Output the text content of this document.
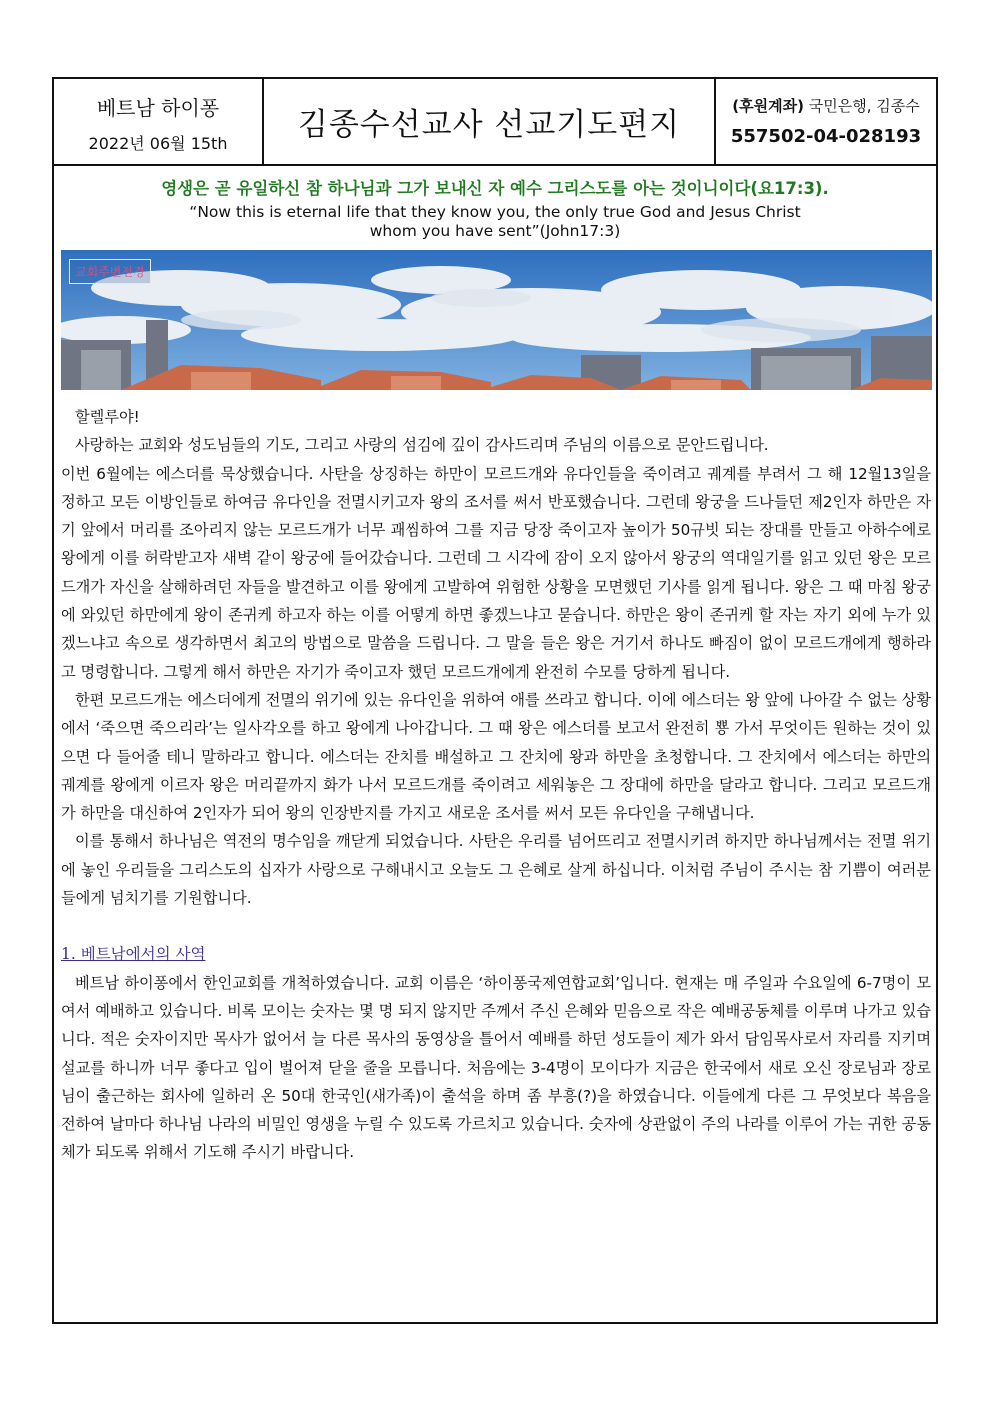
베트남 하이퐁
2022년 06월 15th
김종수선교사 선교기도편지
(후원계좌) 국민은행, 김종수
557502-04-028193
영생은 곧 유일하신 참 하나님과 그가 보내신 자 예수 그리스도를 아는 것이니이다(요17:3).
“Now this is eternal life that they know you, the only true God and Jesus Christ
whom you have sent”(John17:3)
교회주변전경

할렐루야!

사랑하는 교회와 성도님들의 기도, 그리고 사랑의 섬김에 깊이 감사드리며 주님의 이름으로 문안드립니다.

이번 6월에는 에스더를 묵상했습니다. 사탄을 상징하는 하만이 모르드개와 유다인들을 죽이려고 궤계를 부려서 그 해 12월13일을 정하고 모든 이방인들로 하여금 유다인을 전멸시키고자 왕의 조서를 써서 반포했습니다. 그런데 왕궁을 드나들던 제2인자 하만은 자기 앞에서 머리를 조아리지 않는 모르드개가 너무 괘씸하여 그를 지금 당장 죽이고자 높이가 50규빗 되는 장대를 만들고 아하수에로 왕에게 이를 허락받고자 새벽 같이 왕궁에 들어갔습니다. 그런데 그 시각에 잠이 오지 않아서 왕궁의 역대일기를 읽고 있던 왕은 모르드개가 자신을 살해하려던 자들을 발견하고 이를 왕에게 고발하여 위험한 상황을 모면했던 기사를 읽게 됩니다. 왕은 그 때 마침 왕궁에 와있던 하만에게 왕이 존귀케 하고자 하는 이를 어떻게 하면 좋겠느냐고 묻습니다. 하만은 왕이 존귀케 할 자는 자기 외에 누가 있겠느냐고 속으로 생각하면서 최고의 방법으로 말씀을 드립니다. 그 말을 들은 왕은 거기서 하나도 빠짐이 없이 모르드개에게 행하라고 명령합니다. 그렇게 해서 하만은 자기가 죽이고자 했던 모르드개에게 완전히 수모를 당하게 됩니다.

한편 모르드개는 에스더에게 전멸의 위기에 있는 유다인을 위하여 애를 쓰라고 합니다. 이에 에스더는 왕 앞에 나아갈 수 없는 상황에서 ‘죽으면 죽으리라’는 일사각오를 하고 왕에게 나아갑니다. 그 때 왕은 에스더를 보고서 완전히 뿅 가서 무엇이든 원하는 것이 있으면 다 들어줄 테니 말하라고 합니다. 에스더는 잔치를 배설하고 그 잔치에 왕과 하만을 초청합니다. 그 잔치에서 에스더는 하만의 궤계를 왕에게 이르자 왕은 머리끝까지 화가 나서 모르드개를 죽이려고 세워놓은 그 장대에 하만을 달라고 합니다. 그리고 모르드개가 하만을 대신하여 2인자가 되어 왕의 인장반지를 가지고 새로운 조서를 써서 모든 유다인을 구해냅니다.

이를 통해서 하나님은 역전의 명수임을 깨닫게 되었습니다. 사탄은 우리를 넘어뜨리고 전멸시키려 하지만 하나님께서는 전멸 위기에 놓인 우리들을 그리스도의 십자가 사랑으로 구해내시고 오늘도 그 은혜로 살게 하십니다. 이처럼 주님이 주시는 참 기쁨이 여러분들에게 넘치기를 기원합니다.

1. 베트남에서의 사역

베트남 하이퐁에서 한인교회를 개척하였습니다. 교회 이름은 ‘하이퐁국제연합교회’입니다. 현재는 매 주일과 수요일에 6-7명이 모여서 예배하고 있습니다. 비록 모이는 숫자는 몇 명 되지 않지만 주께서 주신 은혜와 믿음으로 작은 예배공동체를 이루며 나가고 있습니다. 적은 숫자이지만 목사가 없어서 늘 다른 목사의 동영상을 틀어서 예배를 하던 성도들이 제가 와서 담임목사로서 자리를 지키며 설교를 하니까 너무 좋다고 입이 벌어져 닫을 줄을 모릅니다. 처음에는 3-4명이 모이다가 지금은 한국에서 새로 오신 장로님과 장로님이 출근하는 회사에 일하러 온 50대 한국인(새가족)이 출석을 하며 좀 부흥(?)을 하였습니다. 이들에게 다른 그 무엇보다 복음을 전하여 날마다 하나님 나라의 비밀인 영생을 누릴 수 있도록 가르치고 있습니다. 숫자에 상관없이 주의 나라를 이루어 가는 귀한 공동체가 되도록 위해서 기도해 주시기 바랍니다.
